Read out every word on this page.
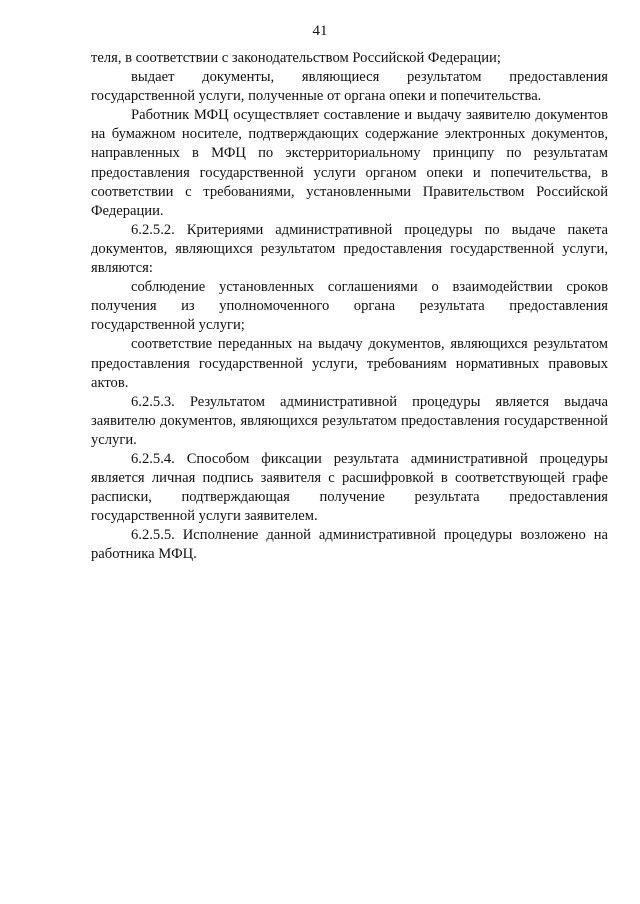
41

теля, в соответствии с законодательством Российской Федерации;

выдает документы, являющиеся результатом предоставления государственной услуги, полученные от органа опеки и попечительства.

Работник МФЦ осуществляет составление и выдачу заявителю документов на бумажном носителе, подтверждающих содержание электронных документов, направленных в МФЦ по экстерриториальному принципу по результатам предоставления государственной услуги органом опеки и попечительства, в соответствии с требованиями, установленными Правительством Российской Федерации.

6.2.5.2. Критериями административной процедуры по выдаче пакета документов, являющихся результатом предоставления государственной услуги, являются:

соблюдение установленных соглашениями о взаимодействии сроков получения из уполномоченного органа результата предоставления государственной услуги;

соответствие переданных на выдачу документов, являющихся результатом предоставления государственной услуги, требованиям нормативных правовых актов.

6.2.5.3. Результатом административной процедуры является выдача заявителю документов, являющихся результатом предоставления государственной услуги.

6.2.5.4. Способом фиксации результата административной процедуры является личная подпись заявителя с расшифровкой в соответствующей графе расписки, подтверждающая получение результата предоставления государственной услуги заявителем.

6.2.5.5. Исполнение данной административной процедуры возложено на работника МФЦ.
